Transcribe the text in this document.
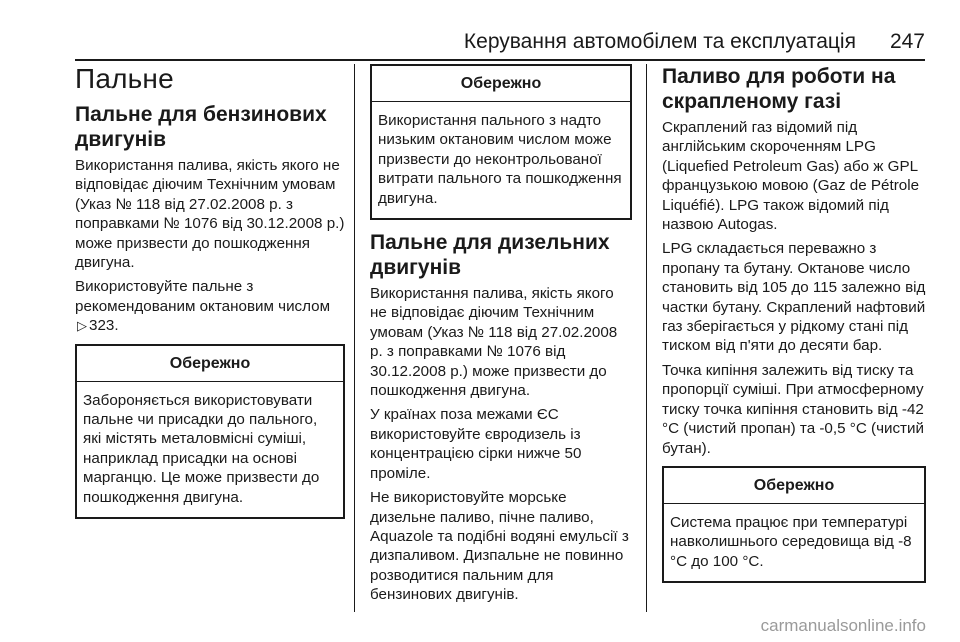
Керування автомобілем та експлуатація 247
Пальне
Пальне для бензинових двигунів

Використання палива, якість якого не відповідає діючим Технічним умовам (Указ № 118 від 27.02.2008 р. з поправками № 1076 від 30.12.2008 р.) може призвести до пошкодження двигуна.

Використовуйте пальне з рекомендованим октановим числом ▷ 323.

Обережно
Забороняється використовувати пальне чи присадки до пального, які містять металовмісні суміші, наприклад присадки на основі марганцю. Це може призвести до пошкодження двигуна.
Обережно
Використання пального з надто низьким октановим числом може призвести до неконтрольованої витрати пального та пошкодження двигуна.
Пальне для дизельних двигунів

Використання палива, якість якого не відповідає діючим Технічним умовам (Указ № 118 від 27.02.2008 р. з поправками № 1076 від 30.12.2008 р.) може призвести до пошкодження двигуна.

У країнах поза межами ЄС використовуйте євродизель із концентрацією сірки нижче 50 проміле.

Не використовуйте морське дизельне паливо, пічне паливо, Aquazole та подібні водяні емульсії з дизпаливом. Дизпальне не повинно розводитися пальним для бензинових двигунів.

Паливо для роботи на скрапленому газі

Скраплений газ відомий під англійським скороченням LPG (Liquefied Petroleum Gas) або ж GPL французькою мовою (Gaz de Pétrole Liquéfié). LPG також відомий під назвою Autogas.

LPG складається переважно з пропану та бутану. Октанове число становить від 105 до 115 залежно від частки бутану. Скраплений нафтовий газ зберігається у рідкому стані під тиском від п'яти до десяти бар.

Точка кипіння залежить від тиску та пропорції суміші. При атмосферному тиску точка кипіння становить від -42 °C (чистий пропан) та -0,5 °C (чистий бутан).

Обережно
Система працює при температурі навколишнього середовища від -8 °C до 100 °C.
carmanualsonline.info
